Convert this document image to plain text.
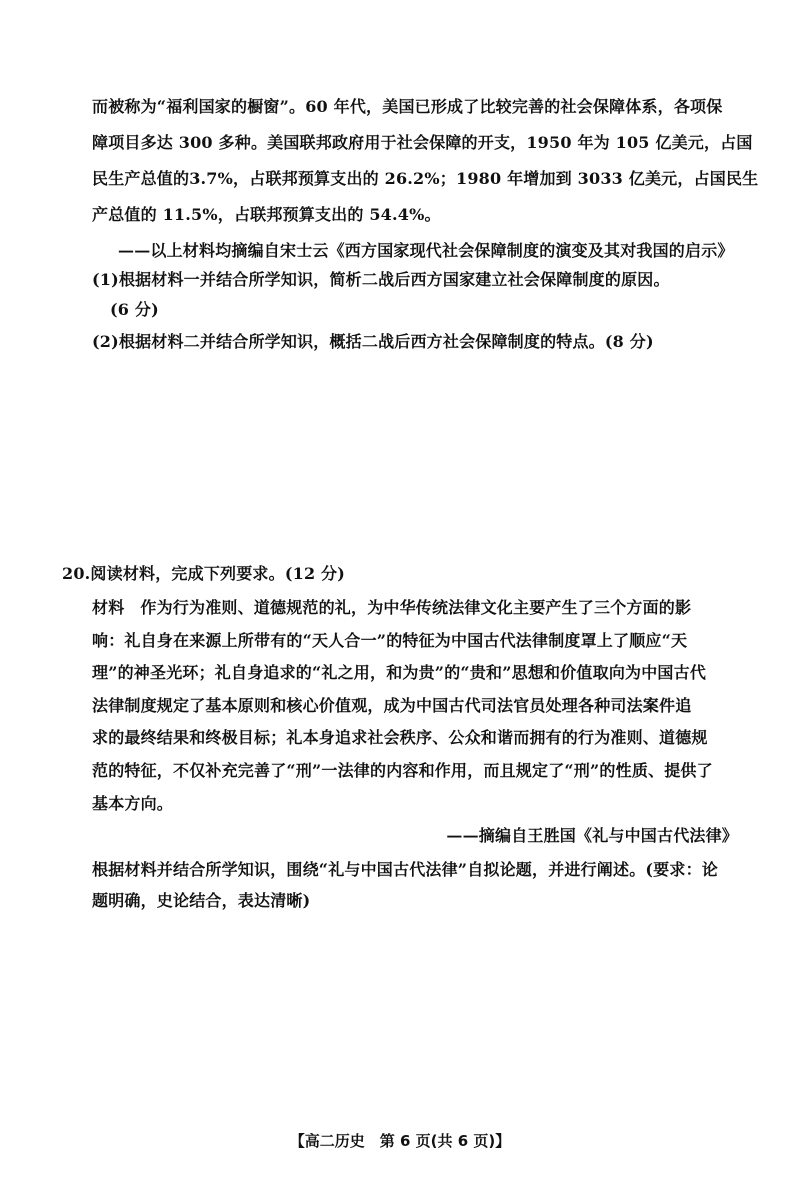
而被称为“福利国家的橱窗”。60 年代，美国已形成了比较完善的社会保障体系，各项保
障项目多达 300 多种。美国联邦政府用于社会保障的开支，1950 年为 105 亿美元，占国
民生产总值的3.7%，占联邦预算支出的 26.2%；1980 年增加到 3033 亿美元，占国民生
产总值的 11.5%，占联邦预算支出的 54.4%。
——以上材料均摘编自宋士云《西方国家现代社会保障制度的演变及其对我国的启示》
(1)根据材料一并结合所学知识，简析二战后西方国家建立社会保障制度的原因。
(6 分)
(2)根据材料二并结合所学知识，概括二战后西方社会保障制度的特点。(8 分)
20.阅读材料，完成下列要求。(12 分)
材料 作为行为准则、道德规范的礼，为中华传统法律文化主要产生了三个方面的影
响：礼自身在来源上所带有的“天人合一”的特征为中国古代法律制度罩上了顺应“天
理”的神圣光环；礼自身追求的“礼之用，和为贵”的“贵和”思想和价值取向为中国古代
法律制度规定了基本原则和核心价值观，成为中国古代司法官员处理各种司法案件追
求的最终结果和终极目标；礼本身追求社会秩序、公众和谐而拥有的行为准则、道德规
范的特征，不仅补充完善了“刑”一法律的内容和作用，而且规定了“刑”的性质、提供了
基本方向。
——摘编自王胜国《礼与中国古代法律》
根据材料并结合所学知识，围绕“礼与中国古代法律”自拟论题，并进行阐述。(要求：论
题明确，史论结合，表达清晰)
【高二历史　第 6 页(共 6 页)】
